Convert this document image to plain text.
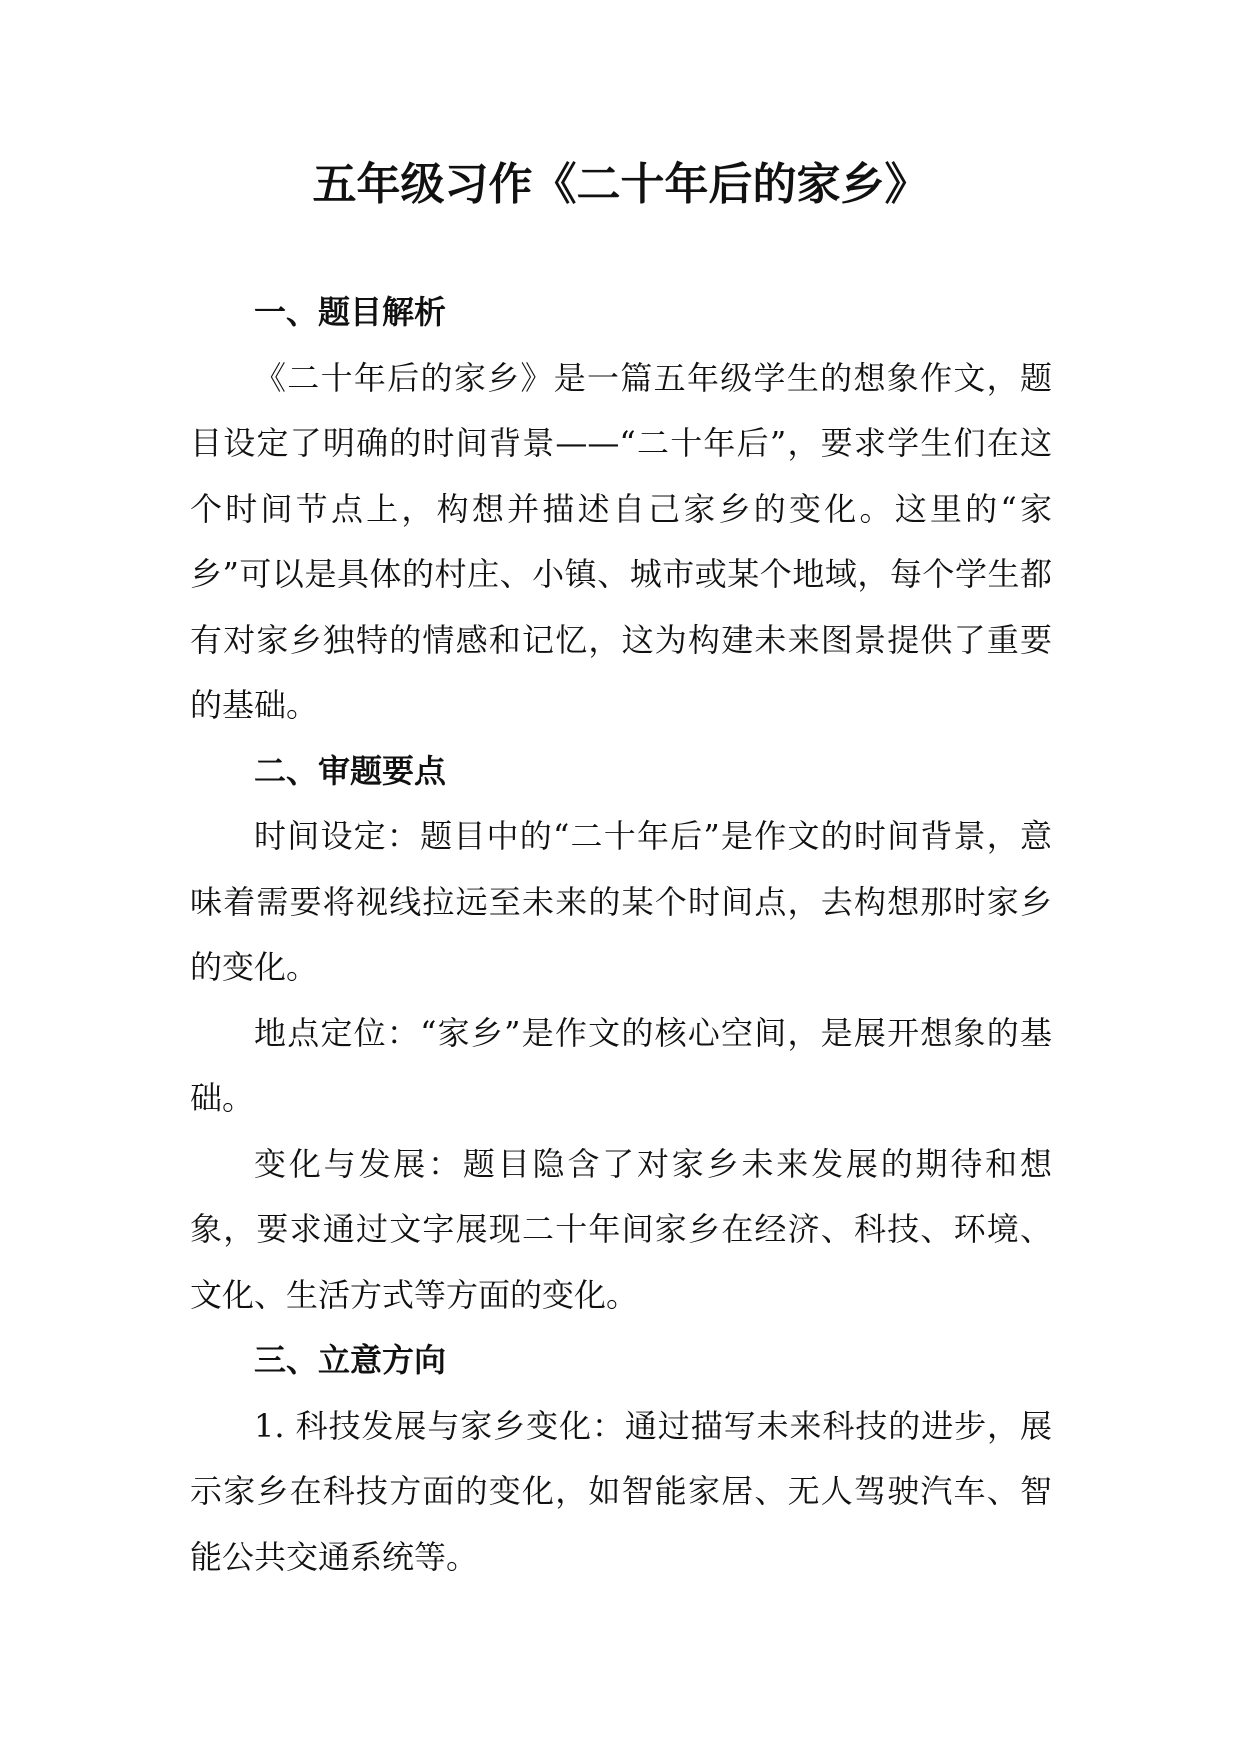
五年级习作《二十年后的家乡》
一、题目解析

《二十年后的家乡》是一篇五年级学生的想象作文，题目设定了明确的时间背景——“二十年后”，要求学生们在这个时间节点上，构想并描述自己家乡的变化。这里的“家乡”可以是具体的村庄、小镇、城市或某个地域，每个学生都有对家乡独特的情感和记忆，这为构建未来图景提供了重要的基础。

二、审题要点

时间设定：题目中的“二十年后”是作文的时间背景，意味着需要将视线拉远至未来的某个时间点，去构想那时家乡的变化。

地点定位：“家乡”是作文的核心空间，是展开想象的基础。

变化与发展：题目隐含了对家乡未来发展的期待和想象，要求通过文字展现二十年间家乡在经济、科技、环境、文化、生活方式等方面的变化。

三、立意方向

1. 科技发展与家乡变化：通过描写未来科技的进步，展示家乡在科技方面的变化，如智能家居、无人驾驶汽车、智能公共交通系统等。
